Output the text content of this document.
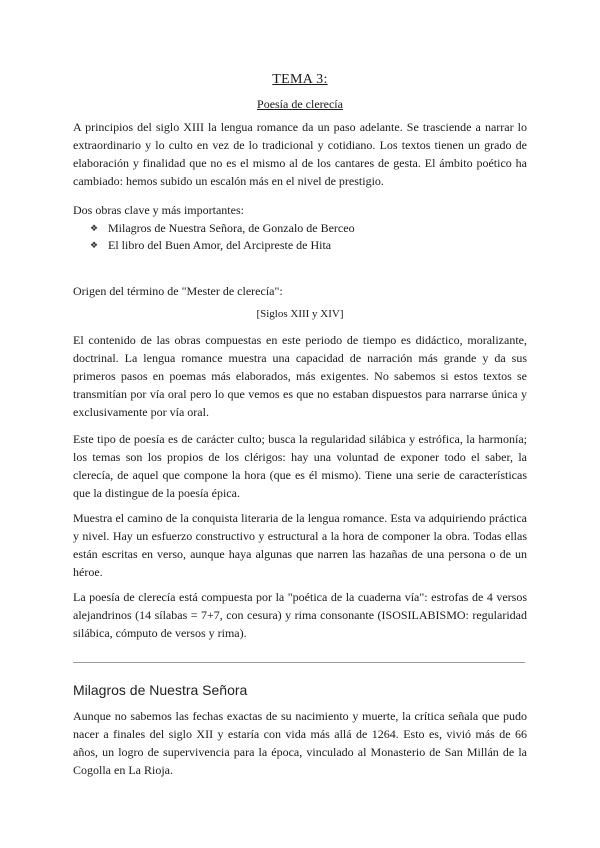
TEMA 3:
Poesía de clerecía

A principios del siglo XIII la lengua romance da un paso adelante. Se trasciende a narrar lo extraordinario y lo culto en vez de lo tradicional y cotidiano. Los textos tienen un grado de elaboración y finalidad que no es el mismo al de los cantares de gesta. El ámbito poético ha cambiado: hemos subido un escalón más en el nivel de prestigio.

Dos obras clave y más importantes:
❖ Milagros de Nuestra Señora, de Gonzalo de Berceo
❖ El libro del Buen Amor, del Arcipreste de Hita
Origen del término de "Mester de clerecía":
[Siglos XIII y XIV]

El contenido de las obras compuestas en este periodo de tiempo es didáctico, moralizante, doctrinal. La lengua romance muestra una capacidad de narración más grande y da sus primeros pasos en poemas más elaborados, más exigentes. No sabemos si estos textos se transmitían por vía oral pero lo que vemos es que no estaban dispuestos para narrarse única y exclusivamente por vía oral.

Este tipo de poesía es de carácter culto; busca la regularidad silábica y estrófica, la harmonía; los temas son los propios de los clérigos: hay una voluntad de exponer todo el saber, la clerecía, de aquel que compone la hora (que es él mismo). Tiene una serie de características que la distingue de la poesía épica.

Muestra el camino de la conquista literaria de la lengua romance. Esta va adquiriendo práctica y nivel. Hay un esfuerzo constructivo y estructural a la hora de componer la obra. Todas ellas están escritas en verso, aunque haya algunas que narren las hazañas de una persona o de un héroe.

La poesía de clerecía está compuesta por la "poética de la cuaderna vía": estrofas de 4 versos alejandrinos (14 sílabas = 7+7, con cesura) y rima consonante (ISOSILABISMO: regularidad silábica, cómputo de versos y rima).

Milagros de Nuestra Señora

Aunque no sabemos las fechas exactas de su nacimiento y muerte, la crítica señala que pudo nacer a finales del siglo XII y estaría con vida más allá de 1264. Esto es, vivió más de 66 años, un logro de supervivencia para la época, vinculado al Monasterio de San Millán de la Cogolla en La Rioja.
